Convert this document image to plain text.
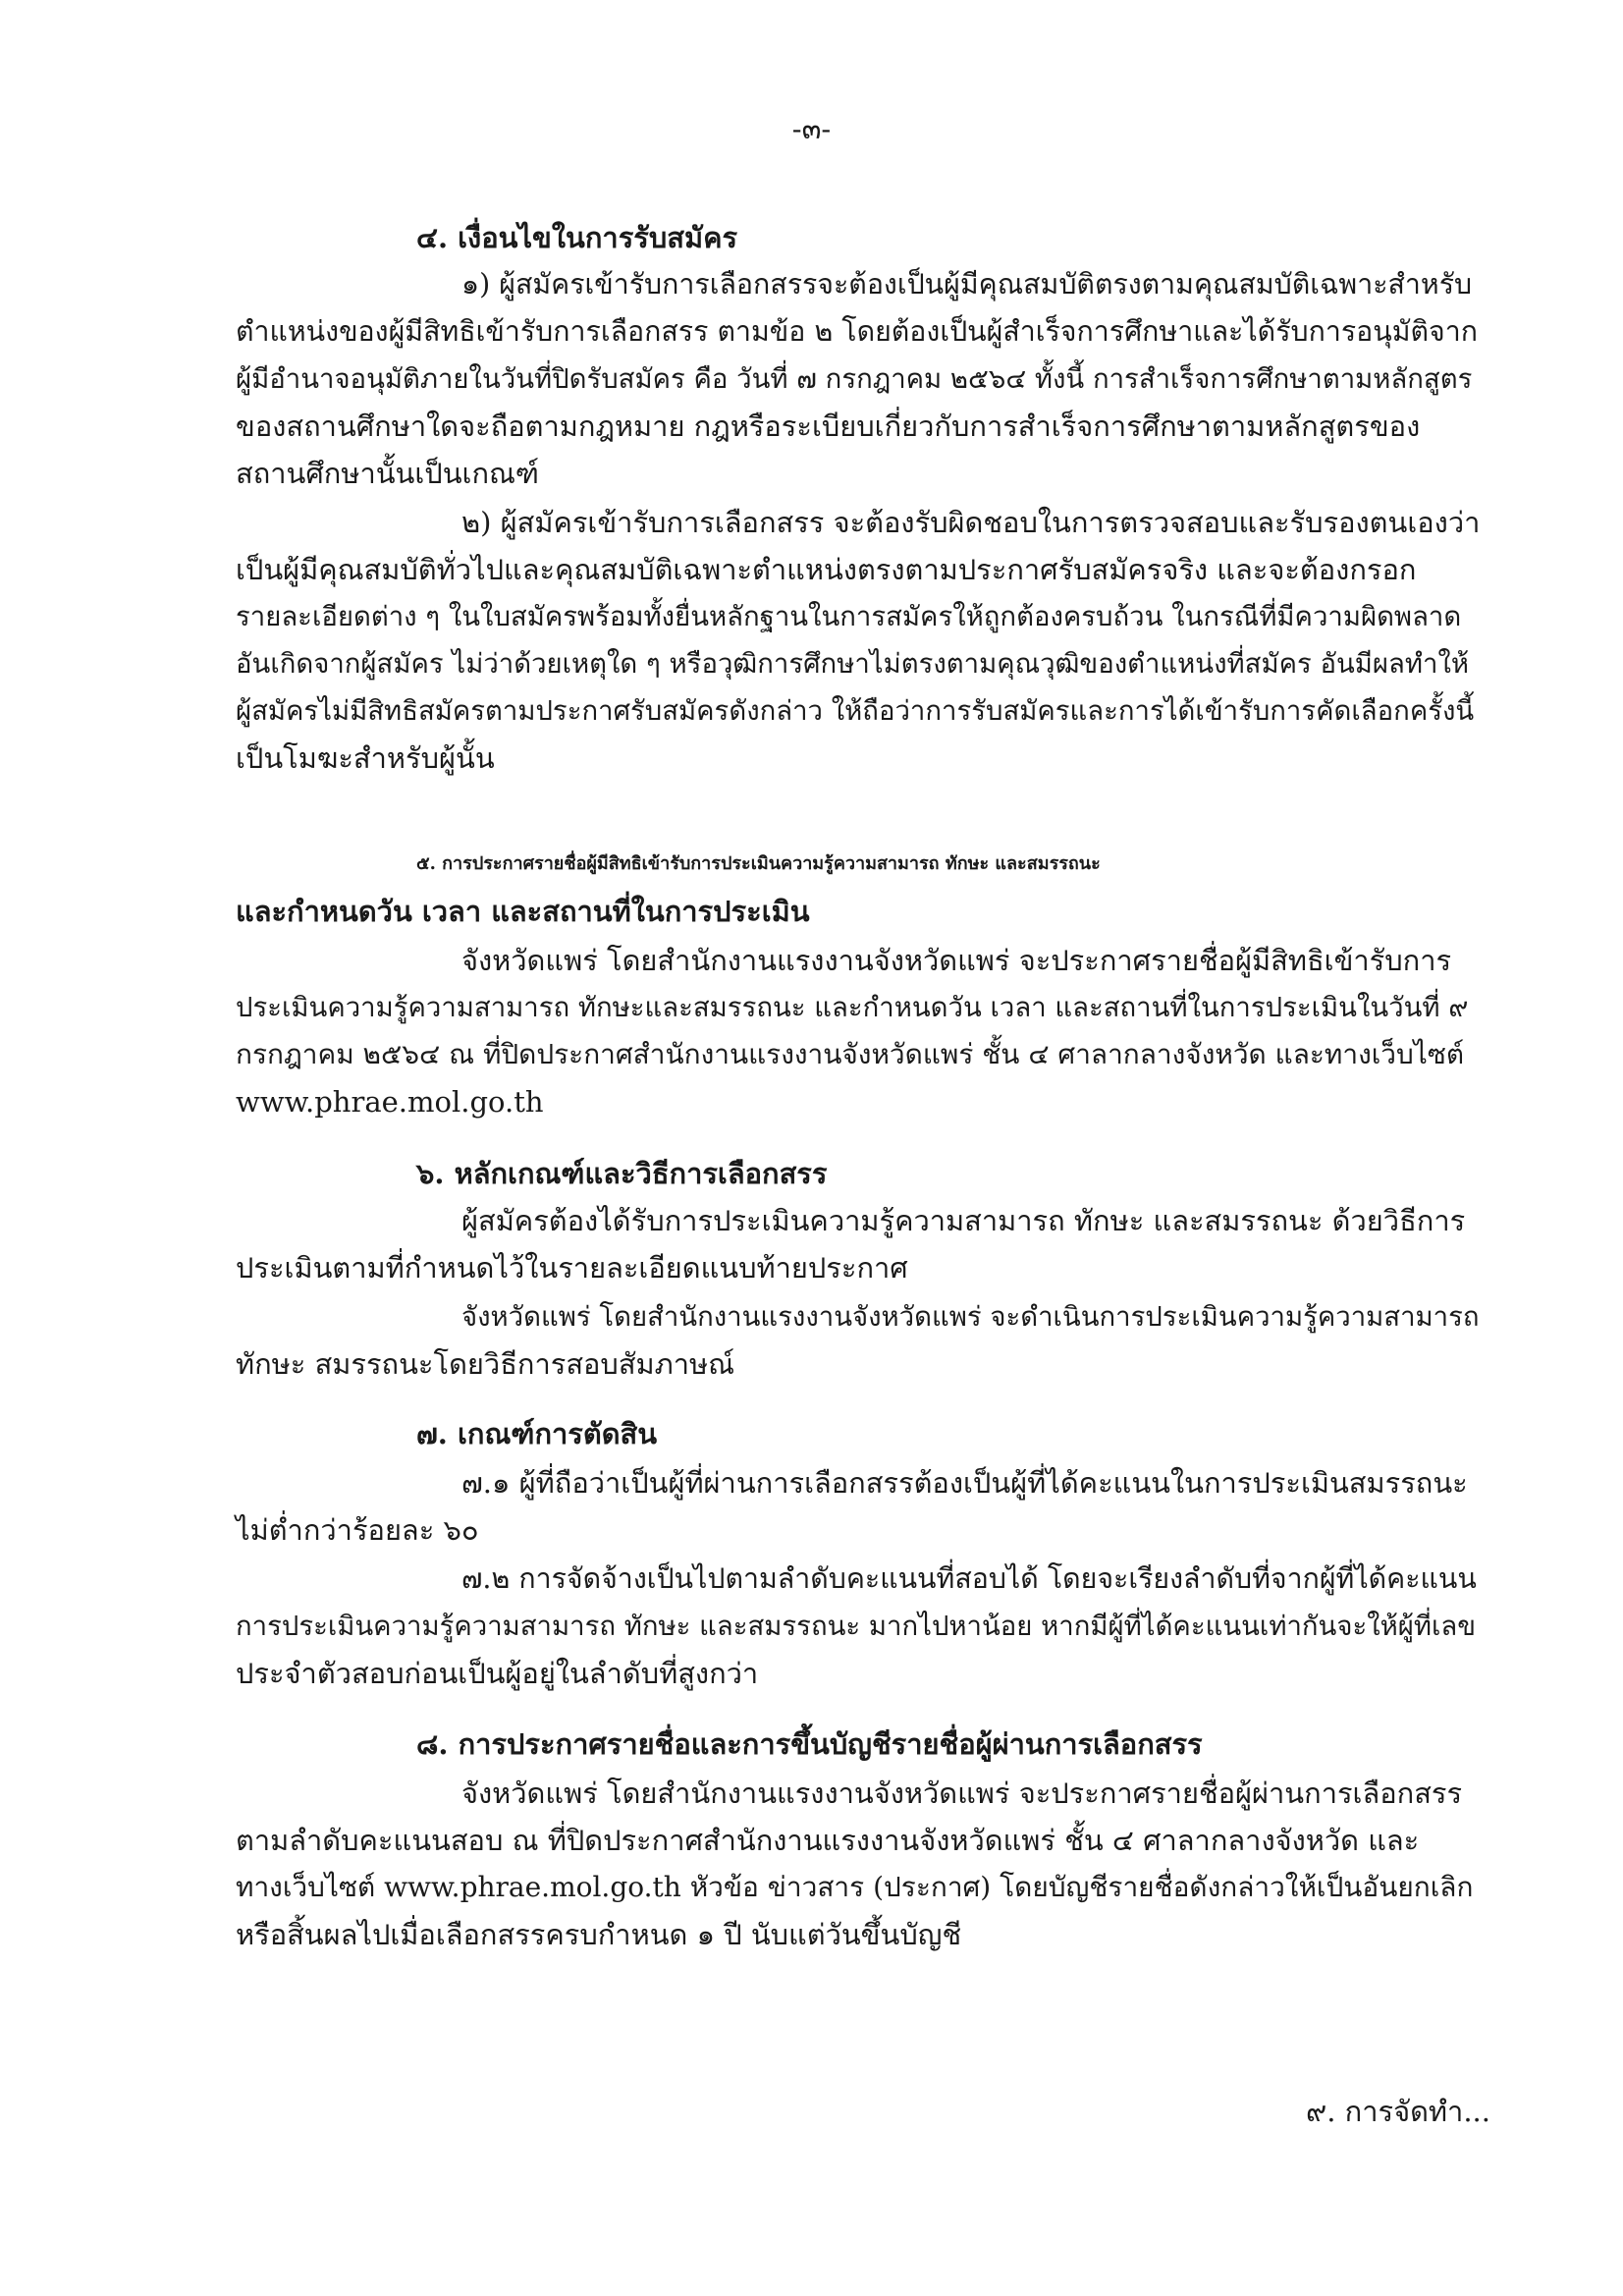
-๓-
๔. เงื่อนไขในการรับสมัคร
๑) ผู้สมัครเข้ารับการเลือกสรรจะต้องเป็นผู้มีคุณสมบัติตรงตามคุณสมบัติเฉพาะสำหรับ
ตำแหน่งของผู้มีสิทธิเข้ารับการเลือกสรร ตามข้อ ๒ โดยต้องเป็นผู้สำเร็จการศึกษาและได้รับการอนุมัติจาก
ผู้มีอำนาจอนุมัติภายในวันที่ปิดรับสมัคร คือ วันที่ ๗ กรกฎาคม ๒๕๖๔ ทั้งนี้ การสำเร็จการศึกษาตามหลักสูตร
ของสถานศึกษาใดจะถือตามกฎหมาย กฎหรือระเบียบเกี่ยวกับการสำเร็จการศึกษาตามหลักสูตรของ
สถานศึกษานั้นเป็นเกณฑ์
๒) ผู้สมัครเข้ารับการเลือกสรร จะต้องรับผิดชอบในการตรวจสอบและรับรองตนเองว่า
เป็นผู้มีคุณสมบัติทั่วไปและคุณสมบัติเฉพาะตำแหน่งตรงตามประกาศรับสมัครจริง และจะต้องกรอก
รายละเอียดต่าง ๆ ในใบสมัครพร้อมทั้งยื่นหลักฐานในการสมัครให้ถูกต้องครบถ้วน ในกรณีที่มีความผิดพลาด
อันเกิดจากผู้สมัคร ไม่ว่าด้วยเหตุใด ๆ หรือวุฒิการศึกษาไม่ตรงตามคุณวุฒิของตำแหน่งที่สมัคร อันมีผลทำให้
ผู้สมัครไม่มีสิทธิสมัครตามประกาศรับสมัครดังกล่าว ให้ถือว่าการรับสมัครและการได้เข้ารับการคัดเลือกครั้งนี้
เป็นโมฆะสำหรับผู้นั้น
๕. การประกาศรายชื่อผู้มีสิทธิเข้ารับการประเมินความรู้ความสามารถ ทักษะ และสมรรถนะ
และกำหนดวัน เวลา และสถานที่ในการประเมิน
จังหวัดแพร่ โดยสำนักงานแรงงานจังหวัดแพร่ จะประกาศรายชื่อผู้มีสิทธิเข้ารับการ
ประเมินความรู้ความสามารถ ทักษะและสมรรถนะ และกำหนดวัน เวลา และสถานที่ในการประเมินในวันที่ ๙
กรกฎาคม ๒๕๖๔ ณ ที่ปิดประกาศสำนักงานแรงงานจังหวัดแพร่ ชั้น ๔ ศาลากลางจังหวัด และทางเว็บไซต์
www.phrae.mol.go.th
๖. หลักเกณฑ์และวิธีการเลือกสรร
ผู้สมัครต้องได้รับการประเมินความรู้ความสามารถ ทักษะ และสมรรถนะ ด้วยวิธีการ
ประเมินตามที่กำหนดไว้ในรายละเอียดแนบท้ายประกาศ
จังหวัดแพร่ โดยสำนักงานแรงงานจังหวัดแพร่ จะดำเนินการประเมินความรู้ความสามารถ
ทักษะ สมรรถนะโดยวิธีการสอบสัมภาษณ์
๗. เกณฑ์การตัดสิน
๗.๑ ผู้ที่ถือว่าเป็นผู้ที่ผ่านการเลือกสรรต้องเป็นผู้ที่ได้คะแนนในการประเมินสมรรถนะ
ไม่ต่ำกว่าร้อยละ ๖๐
๗.๒ การจัดจ้างเป็นไปตามลำดับคะแนนที่สอบได้ โดยจะเรียงลำดับที่จากผู้ที่ได้คะแนน
การประเมินความรู้ความสามารถ ทักษะ และสมรรถนะ มากไปหาน้อย หากมีผู้ที่ได้คะแนนเท่ากันจะให้ผู้ที่เลข
ประจำตัวสอบก่อนเป็นผู้อยู่ในลำดับที่สูงกว่า
๘. การประกาศรายชื่อและการขึ้นบัญชีรายชื่อผู้ผ่านการเลือกสรร
จังหวัดแพร่ โดยสำนักงานแรงงานจังหวัดแพร่ จะประกาศรายชื่อผู้ผ่านการเลือกสรร
ตามลำดับคะแนนสอบ ณ ที่ปิดประกาศสำนักงานแรงงานจังหวัดแพร่ ชั้น ๔ ศาลากลางจังหวัด และ
ทางเว็บไซต์ www.phrae.mol.go.th หัวข้อ ข่าวสาร (ประกาศ) โดยบัญชีรายชื่อดังกล่าวให้เป็นอันยกเลิก
หรือสิ้นผลไปเมื่อเลือกสรรครบกำหนด ๑ ปี นับแต่วันขึ้นบัญชี
๙. การจัดทำ...
